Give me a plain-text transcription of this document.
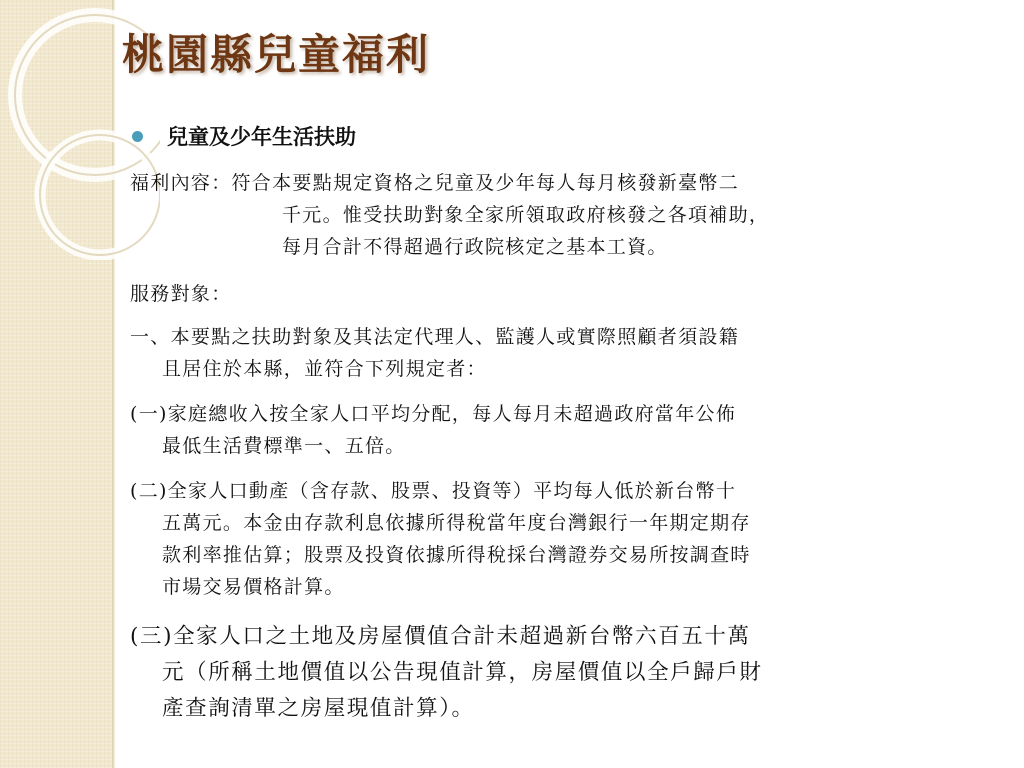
桃園縣兒童福利
兒童及少年生活扶助
福利內容：符合本要點規定資格之兒童及少年每人每月核發新臺幣二
千元。惟受扶助對象全家所領取政府核發之各項補助，
每月合計不得超過行政院核定之基本工資。
服務對象：
一、本要點之扶助對象及其法定代理人、監護人或實際照顧者須設籍
且居住於本縣，並符合下列規定者：
(一)家庭總收入按全家人口平均分配，每人每月未超過政府當年公佈
最低生活費標準一、五倍。
(二)全家人口動產（含存款、股票、投資等）平均每人低於新台幣十
五萬元。本金由存款利息依據所得稅當年度台灣銀行一年期定期存
款利率推估算；股票及投資依據所得稅採台灣證券交易所按調查時
市場交易價格計算。
(三)全家人口之土地及房屋價值合計未超過新台幣六百五十萬
元（所稱土地價值以公告現值計算，房屋價值以全戶歸戶財
產查詢清單之房屋現值計算）。
